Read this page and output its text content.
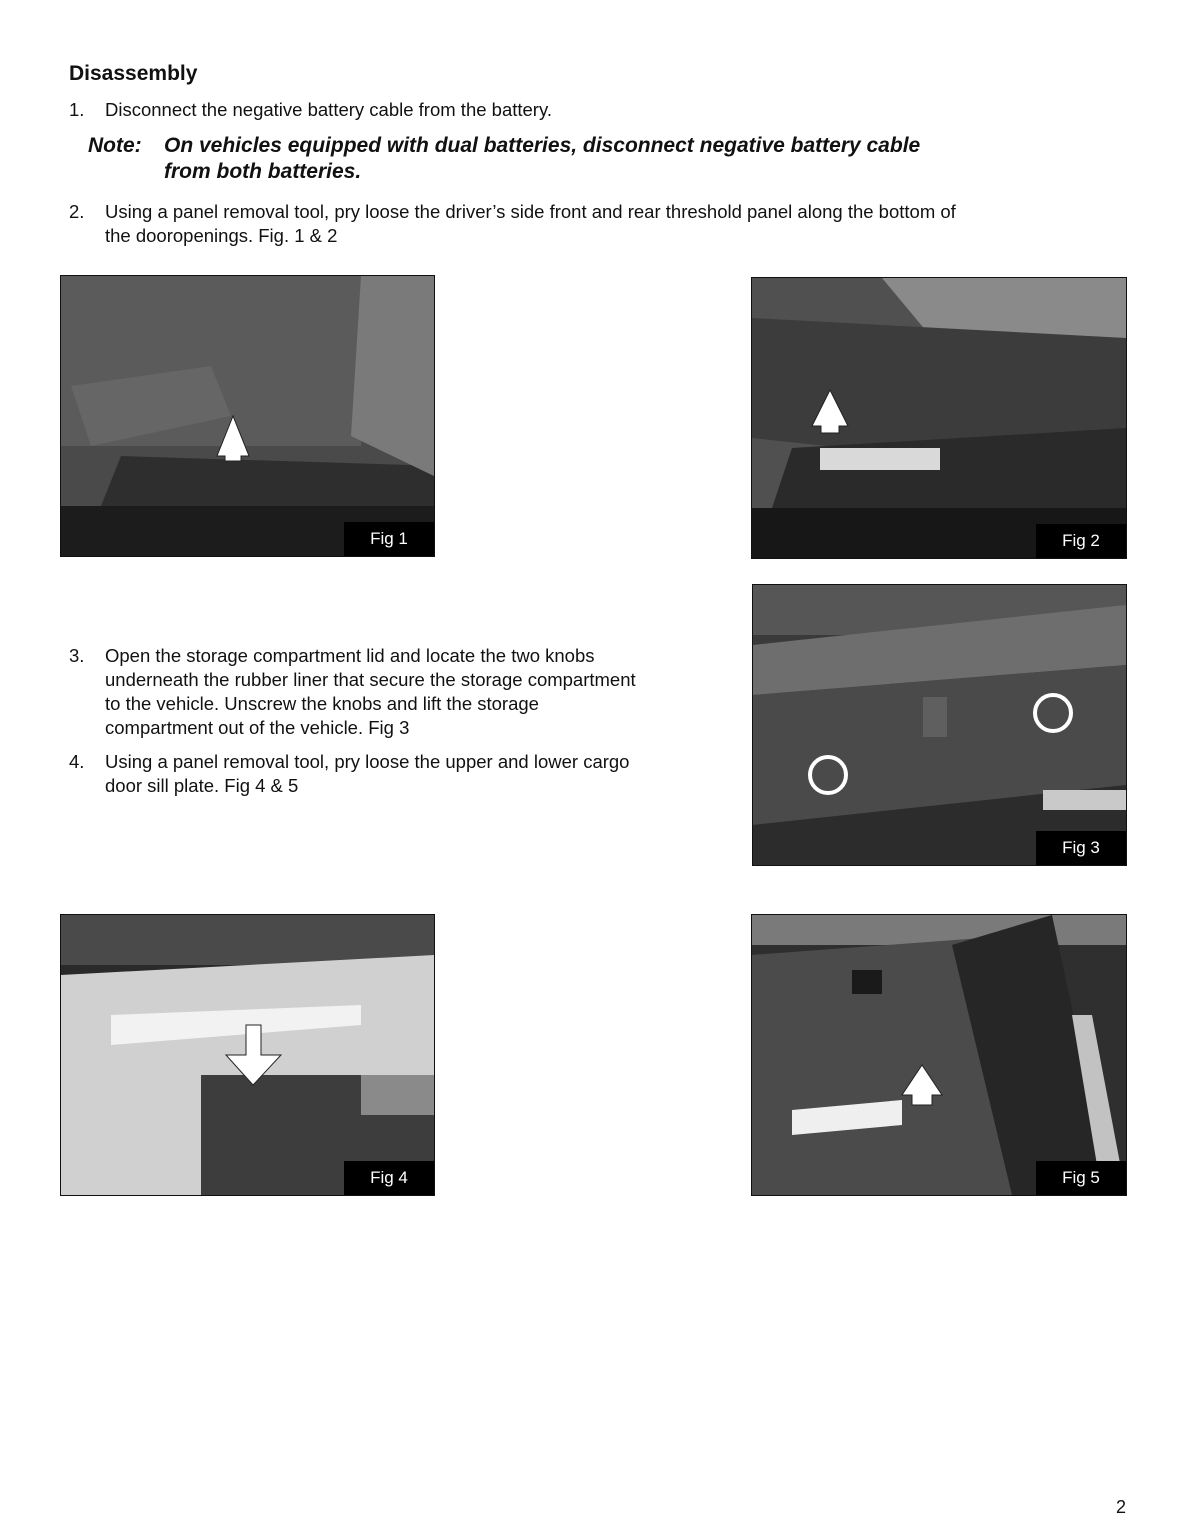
Disassembly
1. Disconnect the negative battery cable from the battery.
Note: On vehicles equipped with dual batteries, disconnect negative battery cable
from both batteries.
2. Using a panel removal tool, pry loose the driver’s side front and rear threshold panel along the bottom of
the dooropenings. Fig. 1 & 2
Fig 1	Fig 2
3. Open the storage compartment lid and locate the two knobs
underneath the rubber liner that secure the storage compartment
to the vehicle. Unscrew the knobs and lift the storage
compartment out of the vehicle. Fig 3
4. Using a panel removal tool, pry loose the upper and lower cargo
door sill plate. Fig 4 & 5
Fig 3
Fig 4	Fig 5
2
